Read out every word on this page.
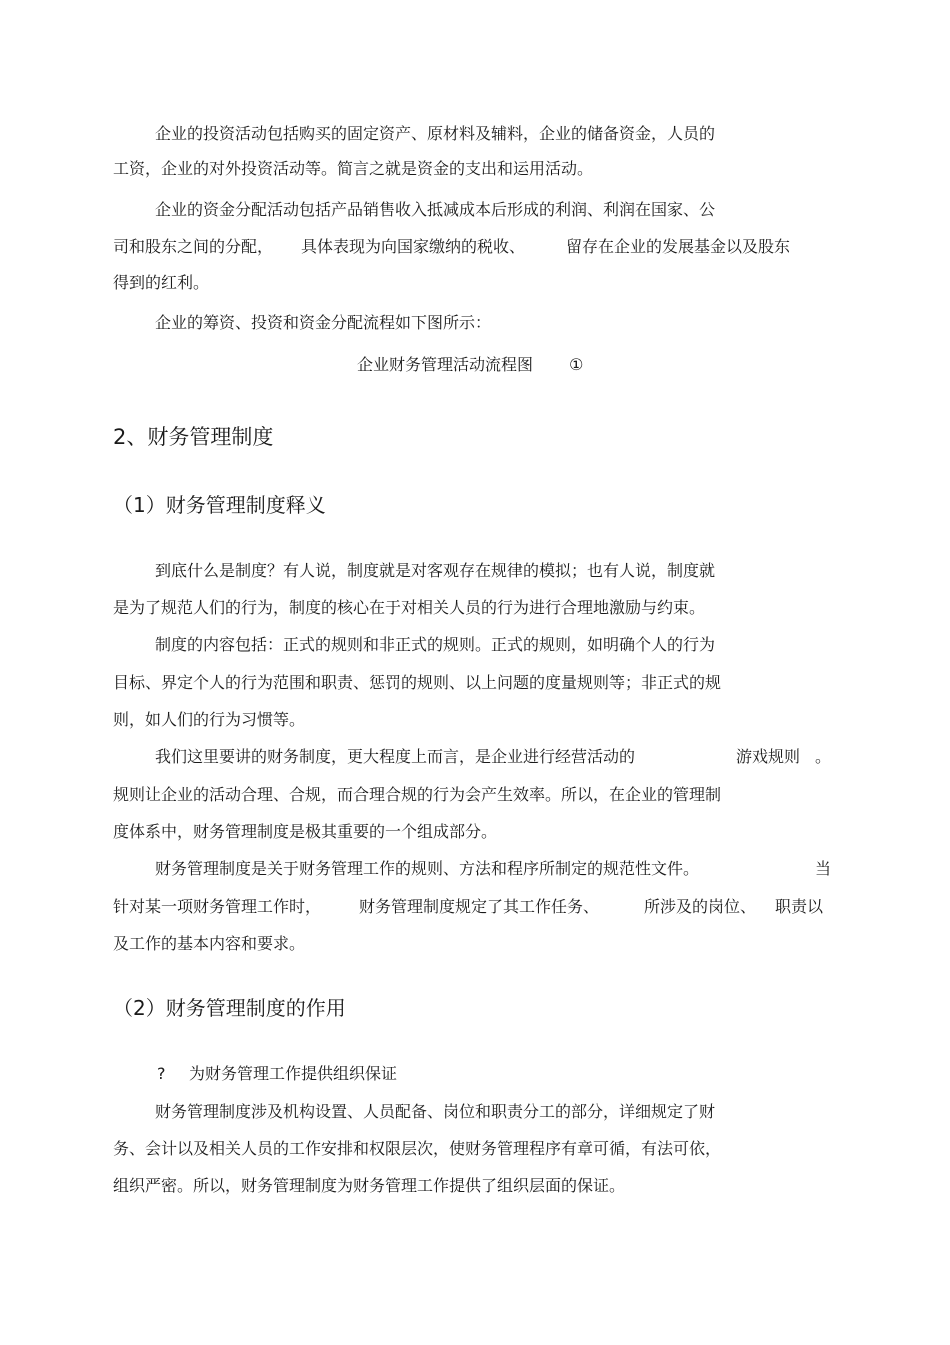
企业的投资活动包括购买的固定资产、原材料及辅料，企业的储备资金，人员的
工资，企业的对外投资活动等。简言之就是资金的支出和运用活动。
企业的资金分配活动包括产品销售收入抵减成本后形成的利润、利润在国家、公
司和股东之间的分配， 具体表现为向国家缴纳的税收、	留存在企业的发展基金以及股东
得到的红利。
企业的筹资、投资和资金分配流程如下图所示：
企业财务管理活动流程图 ①
2、财务管理制度
（1）财务管理制度释义
到底什么是制度？有人说，制度就是对客观存在规律的模拟；也有人说，制度就
是为了规范人们的行为，制度的核心在于对相关人员的行为进行合理地激励与约束。
制度的内容包括：正式的规则和非正式的规则。正式的规则，如明确个人的行为
目标、界定个人的行为范围和职责、惩罚的规则、以上问题的度量规则等；非正式的规
则，如人们的行为习惯等。
我们这里要讲的财务制度，更大程度上而言，是企业进行经营活动的	游戏规则 。
规则让企业的活动合理、合规，而合理合规的行为会产生效率。所以，在企业的管理制
度体系中，财务管理制度是极其重要的一个组成部分。
财务管理制度是关于财务管理工作的规则、方法和程序所制定的规范性文件。	当
针对某一项财务管理工作时， 财务管理制度规定了其工作任务、	所涉及的岗位、 职责以
及工作的基本内容和要求。
（2）财务管理制度的作用
? 为财务管理工作提供组织保证
财务管理制度涉及机构设置、人员配备、岗位和职责分工的部分，详细规定了财
务、会计以及相关人员的工作安排和权限层次，使财务管理程序有章可循，有法可依，
组织严密。所以，财务管理制度为财务管理工作提供了组织层面的保证。
